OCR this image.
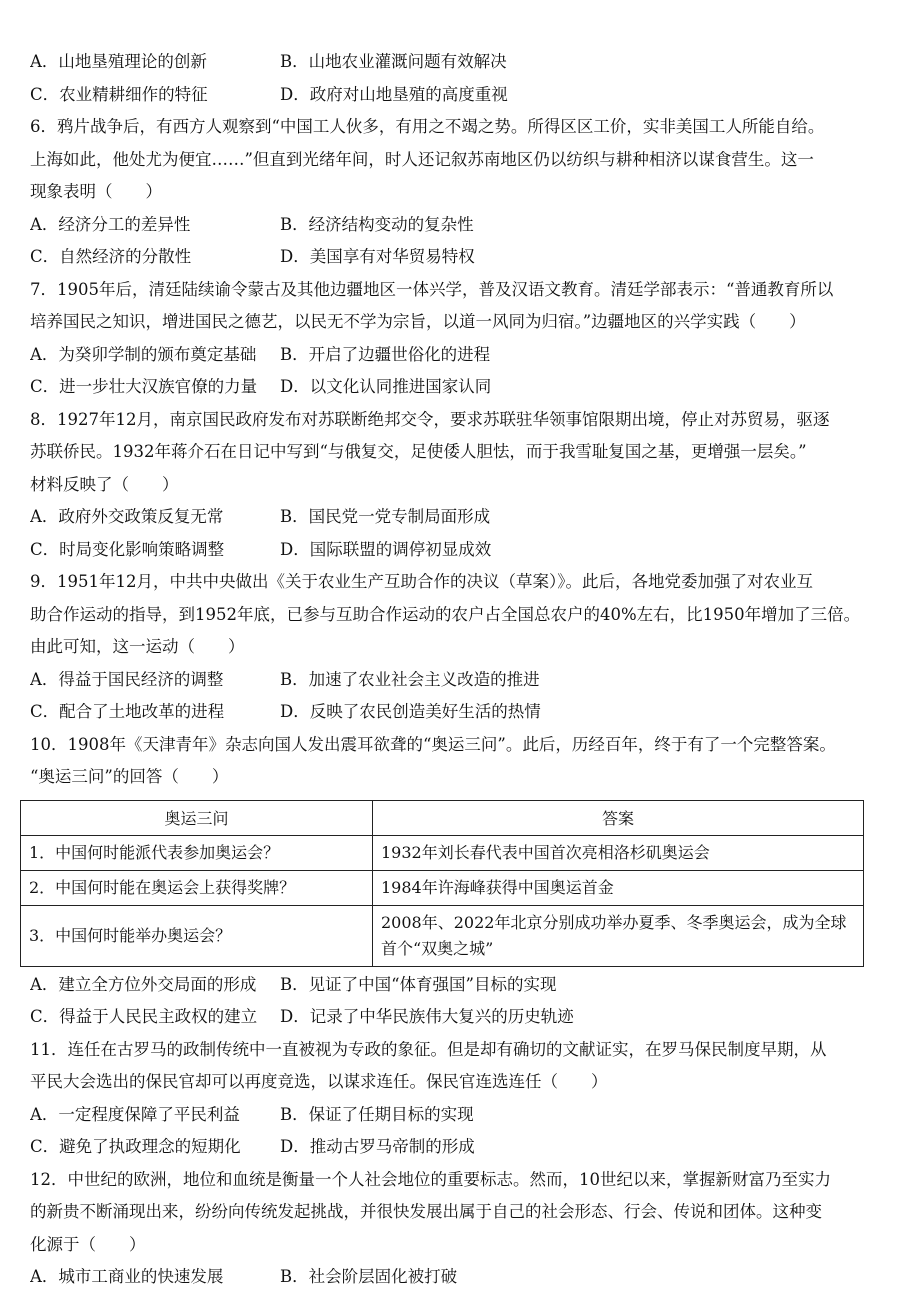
A．山地垦殖理论的创新	B．山地农业灌溉问题有效解决
C．农业精耕细作的特征	D．政府对山地垦殖的高度重视
6．鸦片战争后，有西方人观察到“中国工人伙多，有用之不竭之势。所得区区工价，实非美国工人所能自给。
上海如此，他处尤为便宜……”但直到光绪年间，时人还记叙苏南地区仍以纺织与耕种相济以谋食营生。这一
现象表明（　　）
A．经济分工的差异性	B．经济结构变动的复杂性
C．自然经济的分散性	D．美国享有对华贸易特权
7．1905年后，清廷陆续谕令蒙古及其他边疆地区一体兴学，普及汉语文教育。清廷学部表示：“普通教育所以
培养国民之知识，增进国民之德艺，以民无不学为宗旨，以道一风同为归宿。”边疆地区的兴学实践（　　）
A．为癸卯学制的颁布奠定基础	B．开启了边疆世俗化的进程
C．进一步壮大汉族官僚的力量	D．以文化认同推进国家认同
8．1927年12月，南京国民政府发布对苏联断绝邦交令，要求苏联驻华领事馆限期出境，停止对苏贸易，驱逐
苏联侨民。1932年蒋介石在日记中写到“与俄复交，足使倭人胆怯，而于我雪耻复国之基，更增强一层矣。”
材料反映了（　　）
A．政府外交政策反复无常	B．国民党一党专制局面形成
C．时局变化影响策略调整	D．国际联盟的调停初显成效
9．1951年12月，中共中央做出《关于农业生产互助合作的决议（草案）》。此后，各地党委加强了对农业互
助合作运动的指导，到1952年底，已参与互助合作运动的农户占全国总农户的40%左右，比1950年增加了三倍。
由此可知，这一运动（　　）
A．得益于国民经济的调整	B．加速了农业社会主义改造的推进
C．配合了土地改革的进程	D．反映了农民创造美好生活的热情
10．1908年《天津青年》杂志向国人发出震耳欲聋的“奥运三问”。此后，历经百年，终于有了一个完整答案。
“奥运三问”的回答（　　）
奥运三问	答案
1．中国何时能派代表参加奥运会？	1932年刘长春代表中国首次亮相洛杉矶奥运会
2．中国何时能在奥运会上获得奖牌？	1984年许海峰获得中国奥运首金
3．中国何时能举办奥运会？	2008年、2022年北京分别成功举办夏季、冬季奥运会，成为全球首个“双奥之城”
A．建立全方位外交局面的形成	B．见证了中国“体育强国”目标的实现
C．得益于人民民主政权的建立	D．记录了中华民族伟大复兴的历史轨迹
11．连任在古罗马的政制传统中一直被视为专政的象征。但是却有确切的文献证实，在罗马保民制度早期，从
平民大会选出的保民官却可以再度竞选，以谋求连任。保民官连选连任（　　）
A．一定程度保障了平民利益	B．保证了任期目标的实现
C．避免了执政理念的短期化	D．推动古罗马帝制的形成
12．中世纪的欧洲，地位和血统是衡量一个人社会地位的重要标志。然而，10世纪以来，掌握新财富乃至实力
的新贵不断涌现出来，纷纷向传统发起挑战，并很快发展出属于自己的社会形态、行会、传说和团体。这种变
化源于（　　）
A．城市工商业的快速发展	B．社会阶层固化被打破
